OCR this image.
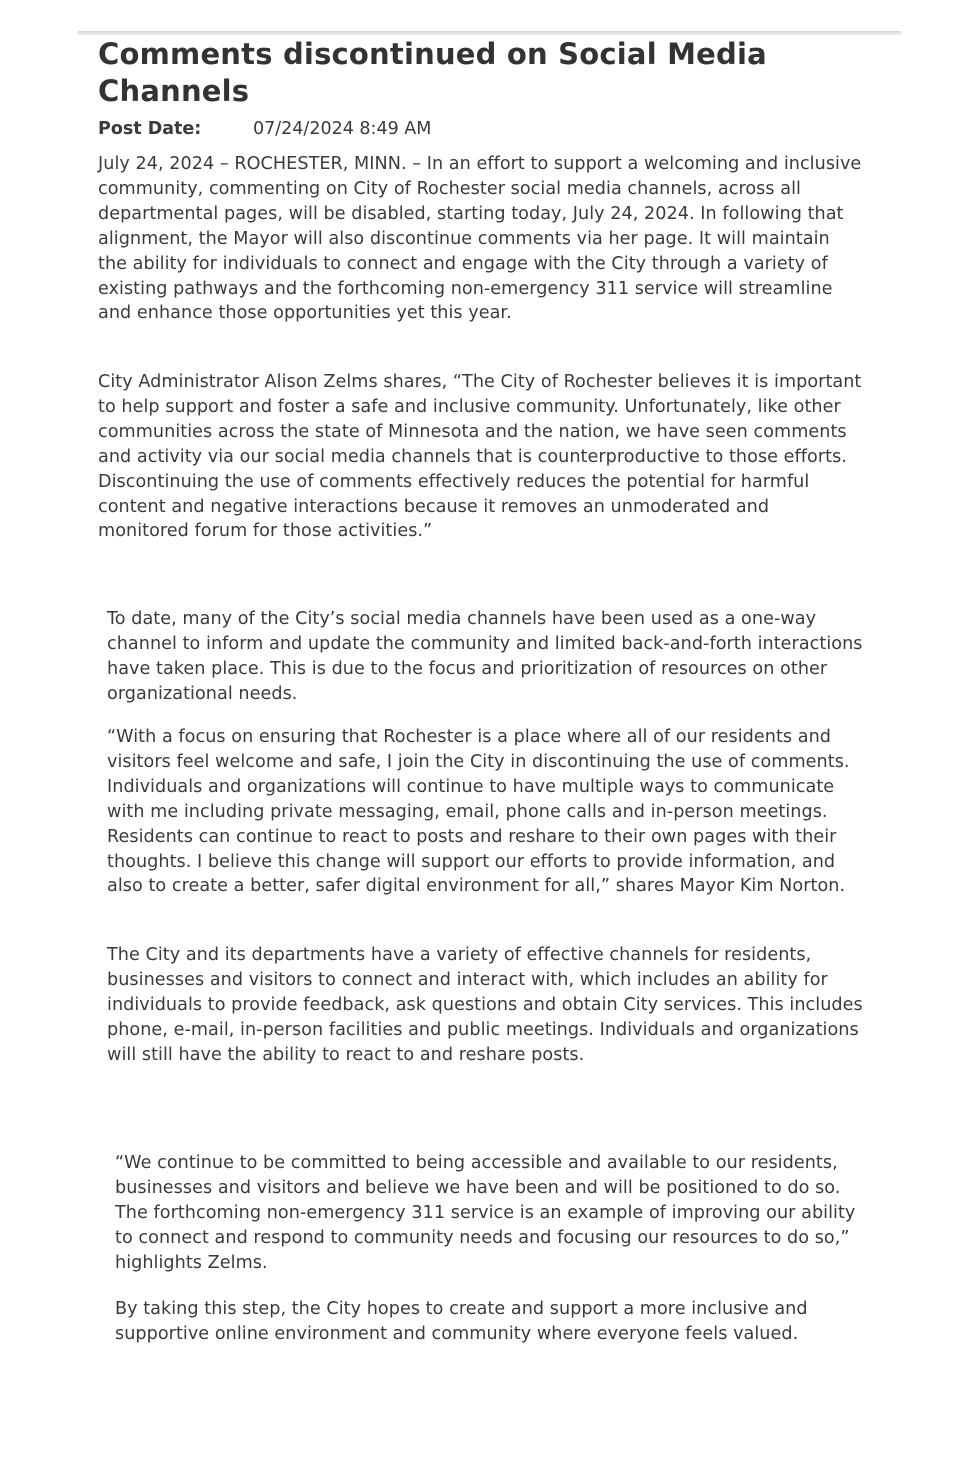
Comments discontinued on Social Media Channels
Post Date:	07/24/2024 8:49 AM

July 24, 2024 – ROCHESTER, MINN. – In an effort to support a welcoming and inclusive community, commenting on City of Rochester social media channels, across all departmental pages, will be disabled, starting today, July 24, 2024. In following that alignment, the Mayor will also discontinue comments via her page. It will maintain the ability for individuals to connect and engage with the City through a variety of existing pathways and the forthcoming non-emergency 311 service will streamline and enhance those opportunities yet this year.

City Administrator Alison Zelms shares, “The City of Rochester believes it is important to help support and foster a safe and inclusive community. Unfortunately, like other communities across the state of Minnesota and the nation, we have seen comments and activity via our social media channels that is counterproductive to those efforts. Discontinuing the use of comments effectively reduces the potential for harmful content and negative interactions because it removes an unmoderated and monitored forum for those activities.”

To date, many of the City’s social media channels have been used as a one-way channel to inform and update the community and limited back-and-forth interactions have taken place. This is due to the focus and prioritization of resources on other organizational needs.

“With a focus on ensuring that Rochester is a place where all of our residents and visitors feel welcome and safe, I join the City in discontinuing the use of comments. Individuals and organizations will continue to have multiple ways to communicate with me including private messaging, email, phone calls and in-person meetings. Residents can continue to react to posts and reshare to their own pages with their thoughts. I believe this change will support our efforts to provide information, and also to create a better, safer digital environment for all,” shares Mayor Kim Norton.

The City and its departments have a variety of effective channels for residents, businesses and visitors to connect and interact with, which includes an ability for individuals to provide feedback, ask questions and obtain City services. This includes phone, e-mail, in-person facilities and public meetings. Individuals and organizations will still have the ability to react to and reshare posts.

“We continue to be committed to being accessible and available to our residents, businesses and visitors and believe we have been and will be positioned to do so. The forthcoming non-emergency 311 service is an example of improving our ability to connect and respond to community needs and focusing our resources to do so,” highlights Zelms.

By taking this step, the City hopes to create and support a more inclusive and supportive online environment and community where everyone feels valued.
